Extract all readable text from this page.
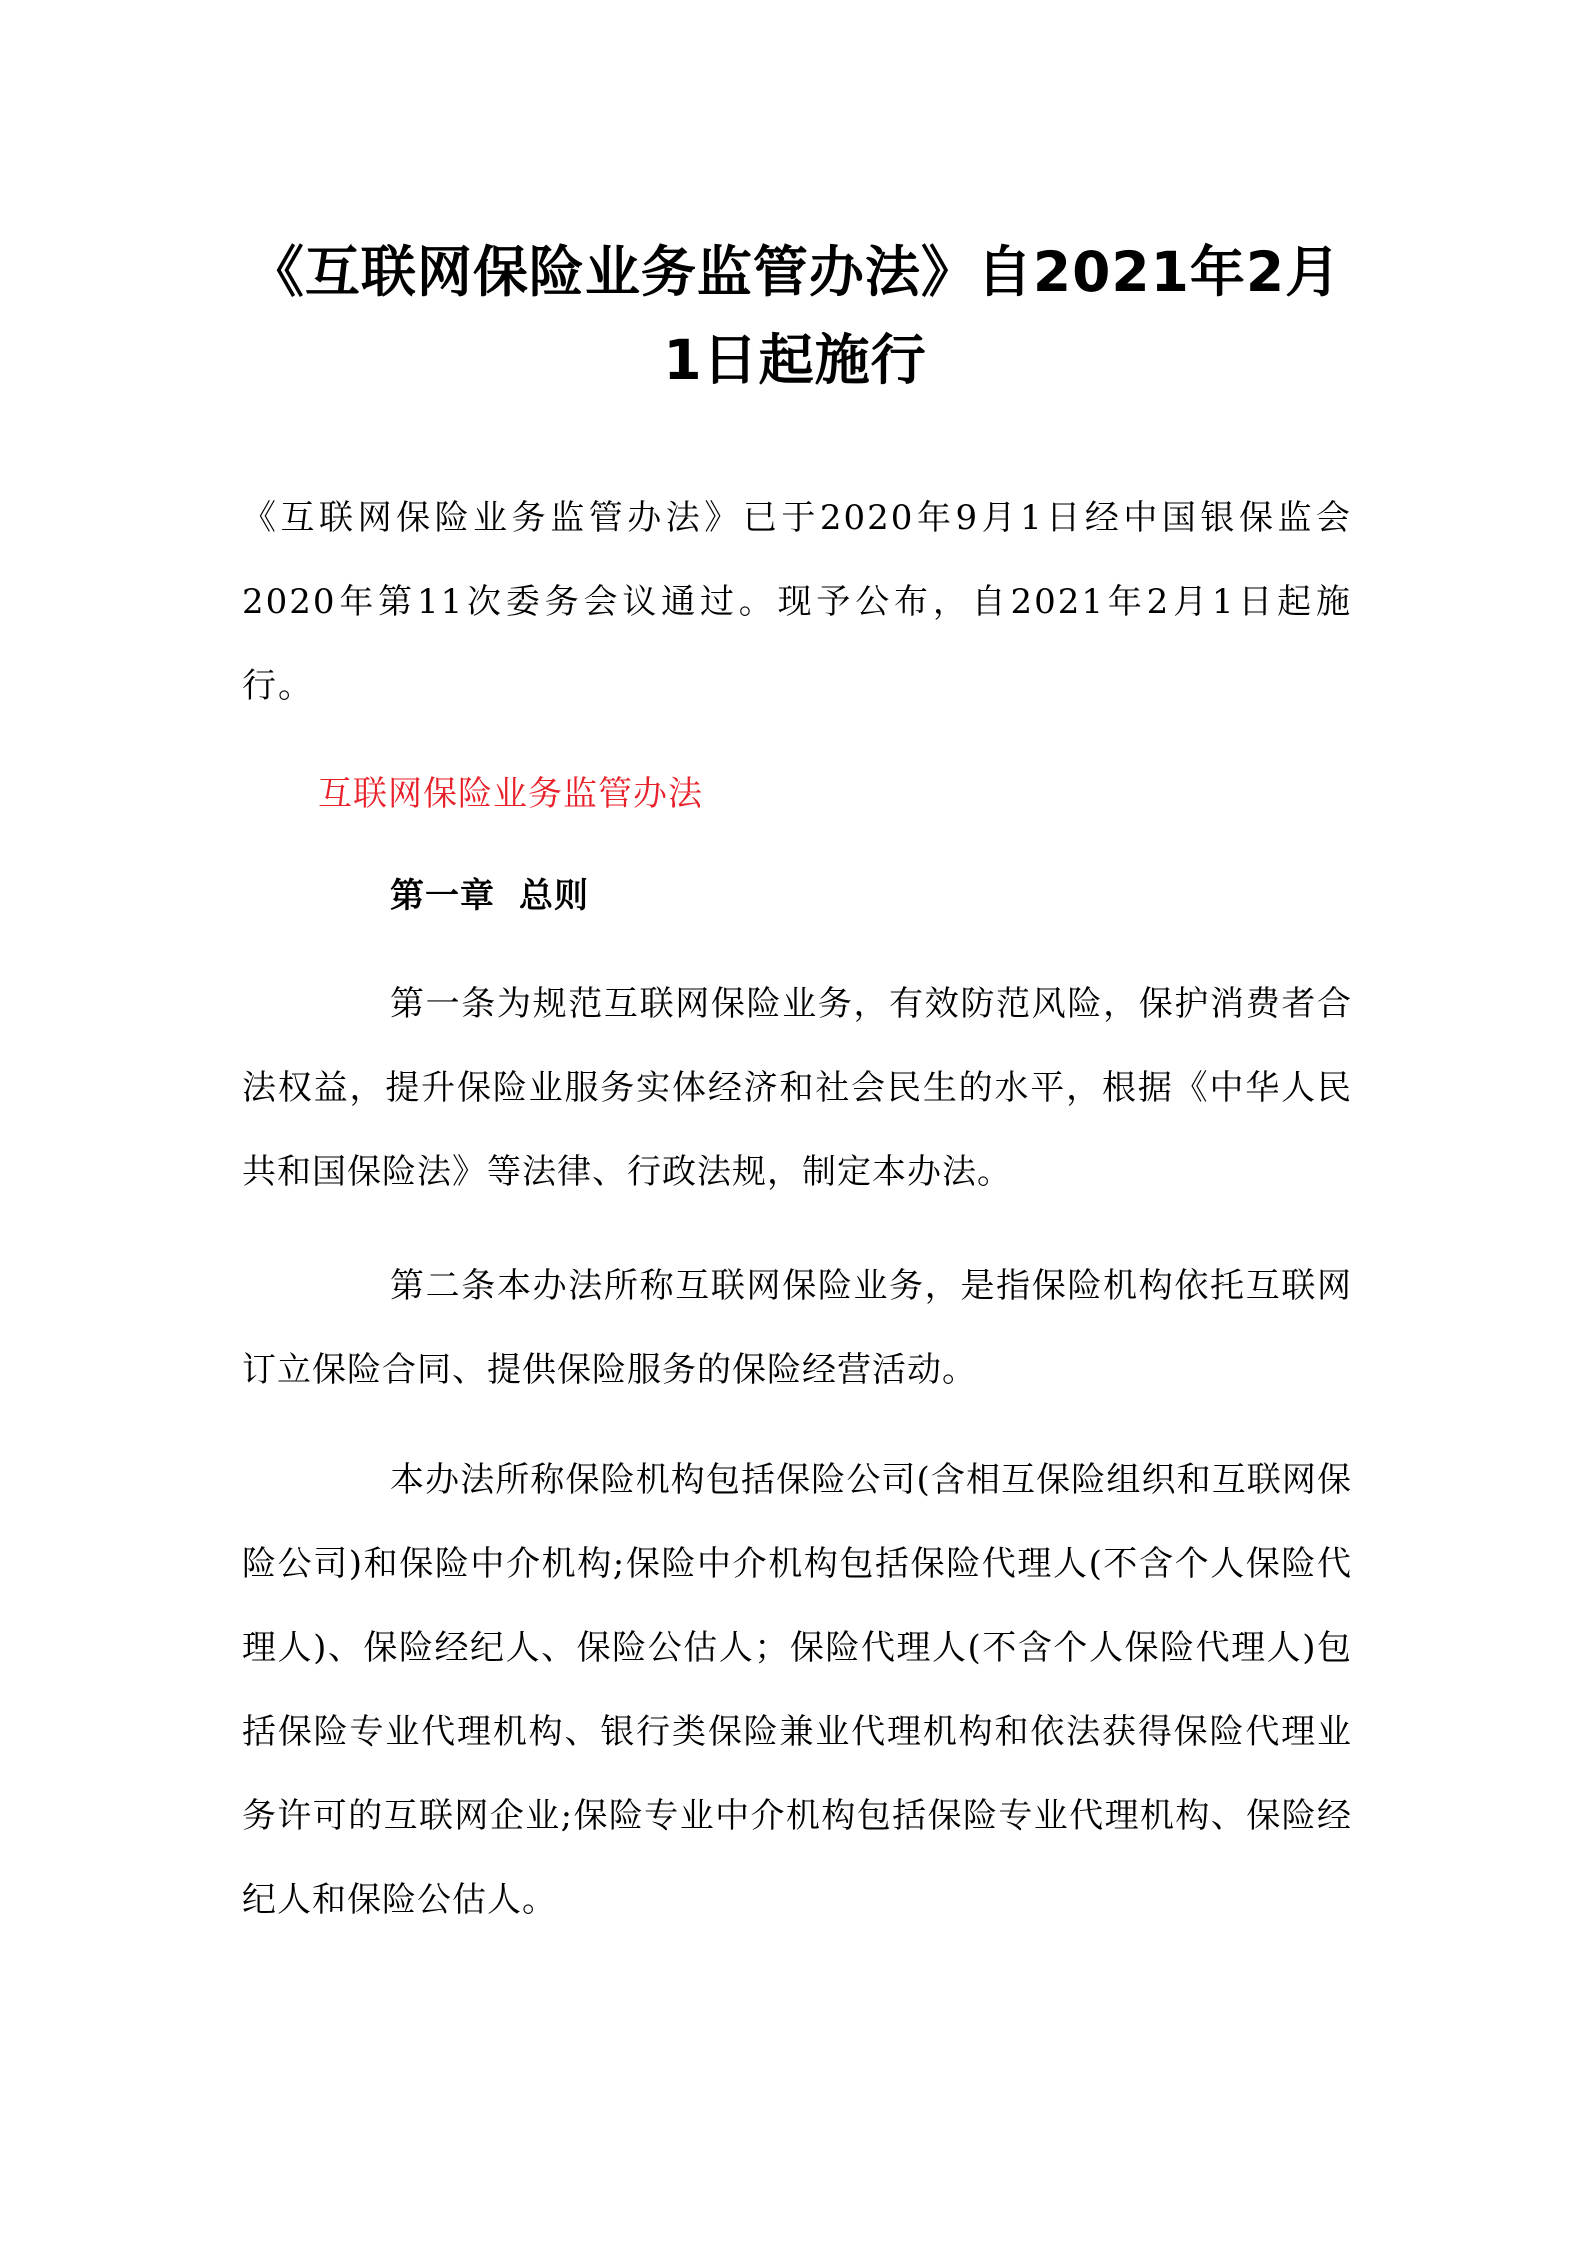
《互联网保险业务监管办法》自2021年2月1日起施行

《互联网保险业务监管办法》已于2020年9月1日经中国银保监会2020年第11次委务会议通过。现予公布，自2021年2月1日起施行。

互联网保险业务监管办法

第一章 总则

第一条为规范互联网保险业务，有效防范风险，保护消费者合法权益，提升保险业服务实体经济和社会民生的水平，根据《中华人民共和国保险法》等法律、行政法规，制定本办法。

第二条本办法所称互联网保险业务，是指保险机构依托互联网订立保险合同、提供保险服务的保险经营活动。

本办法所称保险机构包括保险公司(含相互保险组织和互联网保险公司)和保险中介机构;保险中介机构包括保险代理人(不含个人保险代理人)、保险经纪人、保险公估人；保险代理人(不含个人保险代理人)包括保险专业代理机构、银行类保险兼业代理机构和依法获得保险代理业务许可的互联网企业;保险专业中介机构包括保险专业代理机构、保险经纪人和保险公估人。
